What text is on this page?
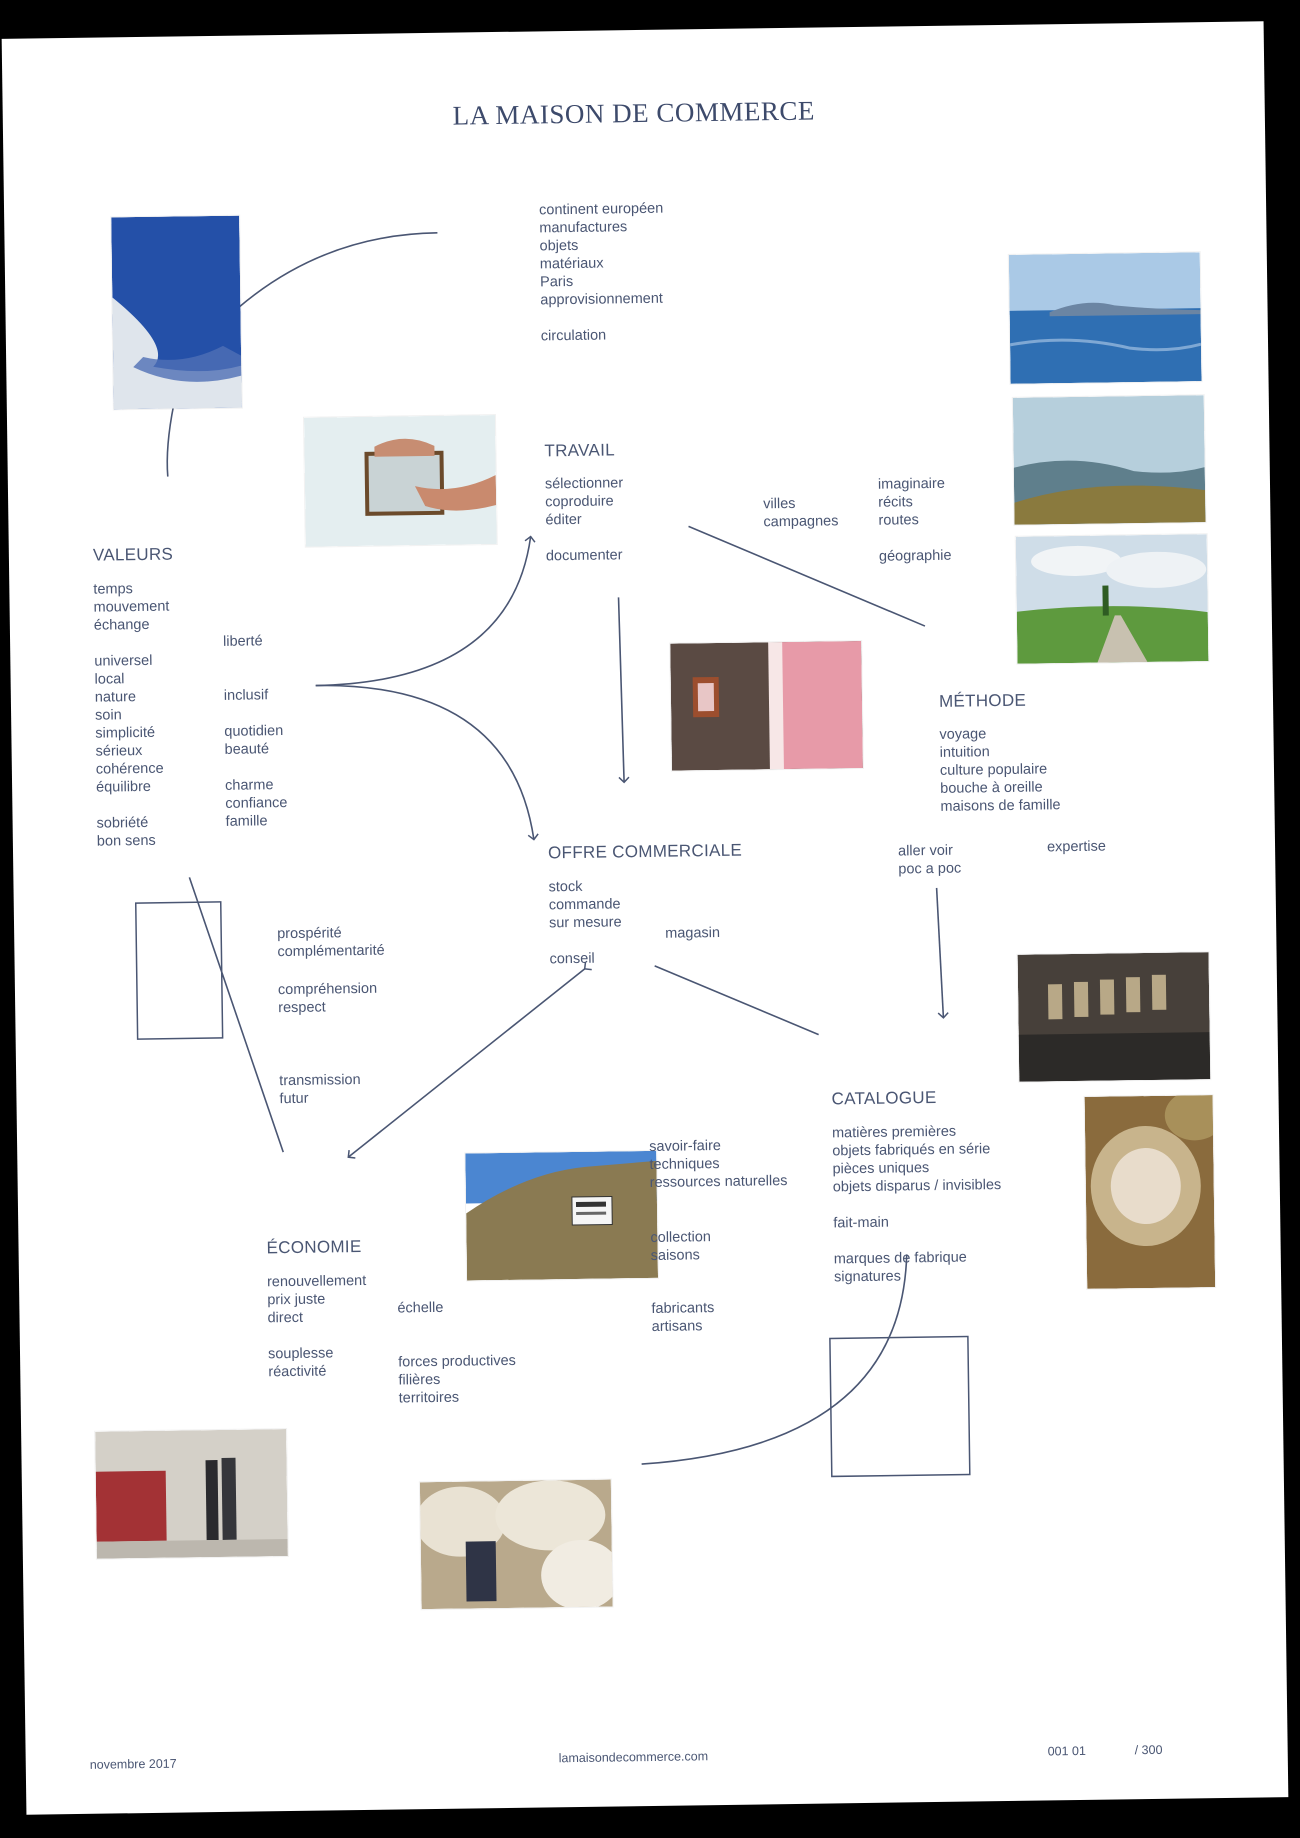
LA MAISON DE COMMERCE
continent européen
manufactures
objets
matériaux
Paris
approvisionnement
circulation
TRAVAIL
sélectionner
coproduire
éditer
documenter
villes
campagnes
imaginaire
récits
routes
géographie
VALEURS
temps
mouvement
échange
universel
local
nature
soin
simplicité
sérieux
cohérence
équilibre
sobriété
bon sens
liberté
inclusif
quotidien
beauté
charme
confiance
famille
MÉTHODE
voyage
intuition
culture populaire
bouche à oreille
maisons de famille
aller voir
poc a poc
expertise
OFFRE COMMERCIALE
stock
commande
sur mesure
conseil
magasin
prospérité
complémentarité
compréhension
respect
transmission
futur
savoir-faire
techniques
ressources naturelles
collection
saisons
fabricants
artisans
CATALOGUE
matières premières
objets fabriqués en série
pièces uniques
objets disparus / invisibles
fait-main
marques de fabrique
signatures
ÉCONOMIE
renouvellement
prix juste
direct
souplesse
réactivité
échelle
forces productives
filières
territoires
novembre 2017	lamaisondecommerce.com	001 01	/ 300
